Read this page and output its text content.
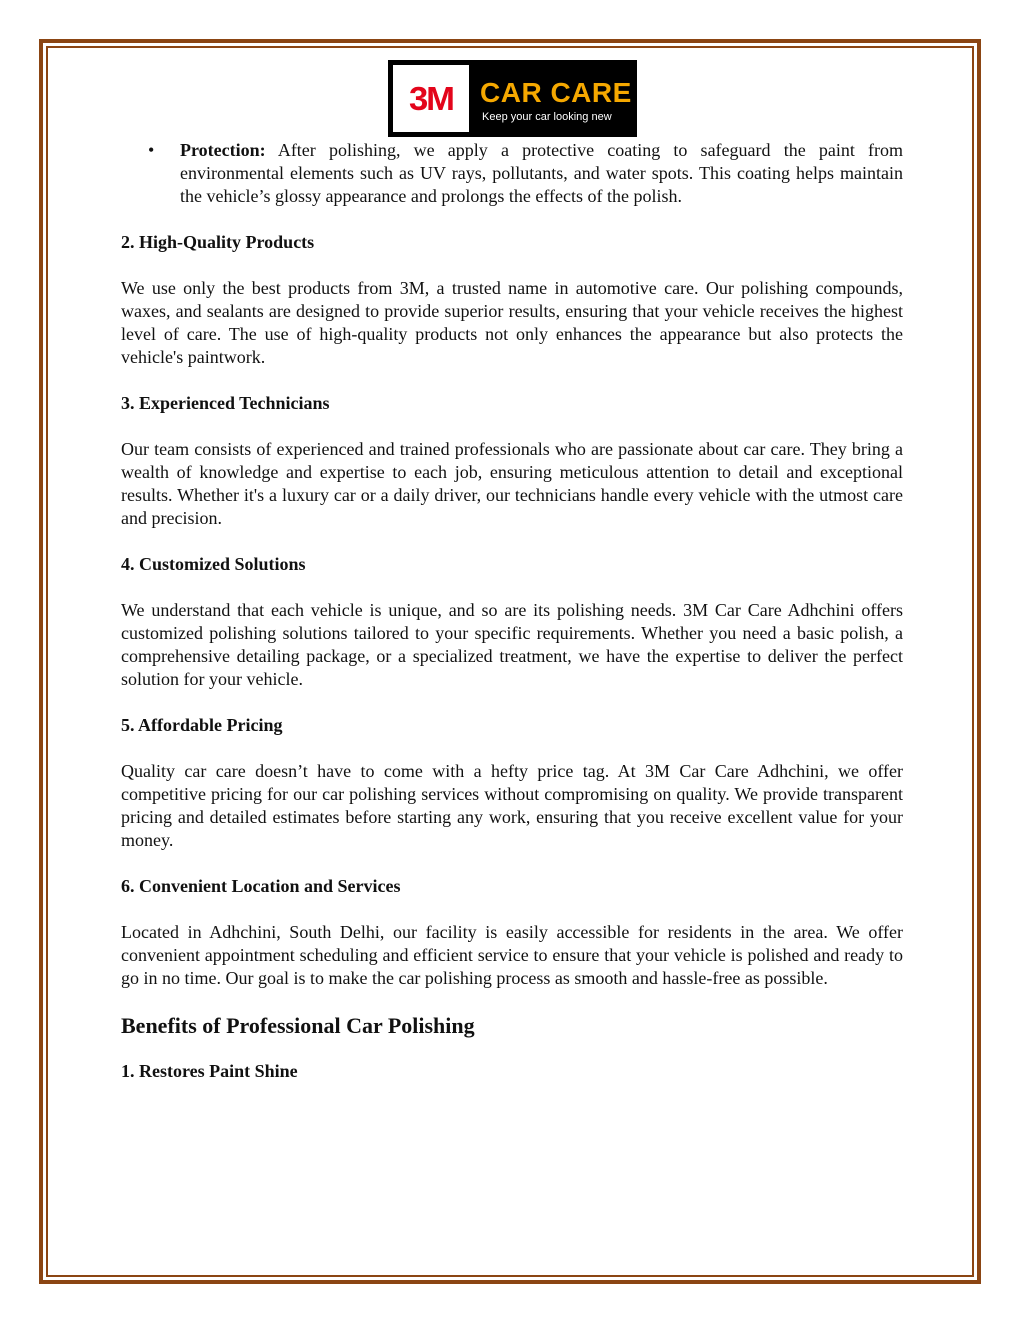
3M CAR CARE
Keep your car looking new
• Protection: After polishing, we apply a protective coating to safeguard the paint from environmental elements such as UV rays, pollutants, and water spots. This coating helps maintain the vehicle’s glossy appearance and prolongs the effects of the polish.
2. High-Quality Products

We use only the best products from 3M, a trusted name in automotive care. Our polishing compounds, waxes, and sealants are designed to provide superior results, ensuring that your vehicle receives the highest level of care. The use of high-quality products not only enhances the appearance but also protects the vehicle's paintwork.

3. Experienced Technicians

Our team consists of experienced and trained professionals who are passionate about car care. They bring a wealth of knowledge and expertise to each job, ensuring meticulous attention to detail and exceptional results. Whether it's a luxury car or a daily driver, our technicians handle every vehicle with the utmost care and precision.

4. Customized Solutions

We understand that each vehicle is unique, and so are its polishing needs. 3M Car Care Adhchini offers customized polishing solutions tailored to your specific requirements. Whether you need a basic polish, a comprehensive detailing package, or a specialized treatment, we have the expertise to deliver the perfect solution for your vehicle.

5. Affordable Pricing

Quality car care doesn’t have to come with a hefty price tag. At 3M Car Care Adhchini, we offer competitive pricing for our car polishing services without compromising on quality. We provide transparent pricing and detailed estimates before starting any work, ensuring that you receive excellent value for your money.

6. Convenient Location and Services

Located in Adhchini, South Delhi, our facility is easily accessible for residents in the area. We offer convenient appointment scheduling and efficient service to ensure that your vehicle is polished and ready to go in no time. Our goal is to make the car polishing process as smooth and hassle-free as possible.

Benefits of Professional Car Polishing
1. Restores Paint Shine
